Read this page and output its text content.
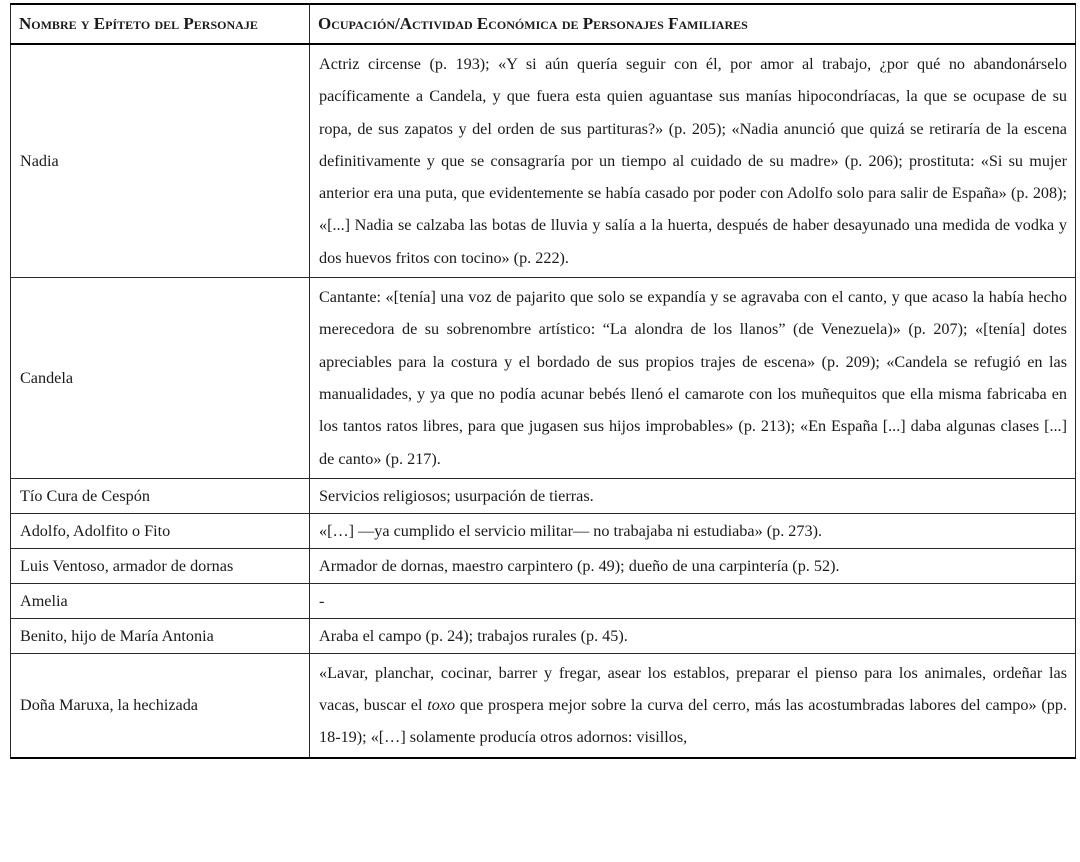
Nombre y Epíteto del Personaje	Ocupación/Actividad Económica de Personajes Familiares
Nadia	Actriz circense (p. 193); «Y si aún quería seguir con él, por amor al trabajo, ¿por qué no abandonárselo pacíficamente a Candela, y que fuera esta quien aguantase sus manías hipocondríacas, la que se ocupase de su ropa, de sus zapatos y del orden de sus partituras?» (p. 205); «Nadia anunció que quizá se retiraría de la escena definitivamente y que se consagraría por un tiempo al cuidado de su madre» (p. 206); prostituta: «Si su mujer anterior era una puta, que evidentemente se había casado por poder con Adolfo solo para salir de España» (p. 208); «[...] Nadia se calzaba las botas de lluvia y salía a la huerta, después de haber desayunado una medida de vodka y dos huevos fritos con tocino» (p. 222).
Candela	Cantante: «[tenía] una voz de pajarito que solo se expandía y se agravaba con el canto, y que acaso la había hecho merecedora de su sobrenombre artístico: “La alondra de los llanos” (de Venezuela)» (p. 207); «[tenía] dotes apreciables para la costura y el bordado de sus propios trajes de escena» (p. 209); «Candela se refugió en las manualidades, y ya que no podía acunar bebés llenó el camarote con los muñequitos que ella misma fabricaba en los tantos ratos libres, para que jugasen sus hijos improbables» (p. 213); «En España [...] daba algunas clases [...] de canto» (p. 217).
Tío Cura de Cespón	Servicios religiosos; usurpación de tierras.
Adolfo, Adolfito o Fito	«[…] —ya cumplido el servicio militar— no trabajaba ni estudiaba» (p. 273).
Luis Ventoso, armador de dornas	Armador de dornas, maestro carpintero (p. 49); dueño de una carpintería (p. 52).
Amelia	-
Benito, hijo de María Antonia	Araba el campo (p. 24); trabajos rurales (p. 45).
Doña Maruxa, la hechizada	«Lavar, planchar, cocinar, barrer y fregar, asear los establos, preparar el pienso para los animales, ordeñar las vacas, buscar el toxo que prospera mejor sobre la curva del cerro, más las acostumbradas labores del campo» (pp. 18-19); «[…] solamente producía otros adornos: visillos,
